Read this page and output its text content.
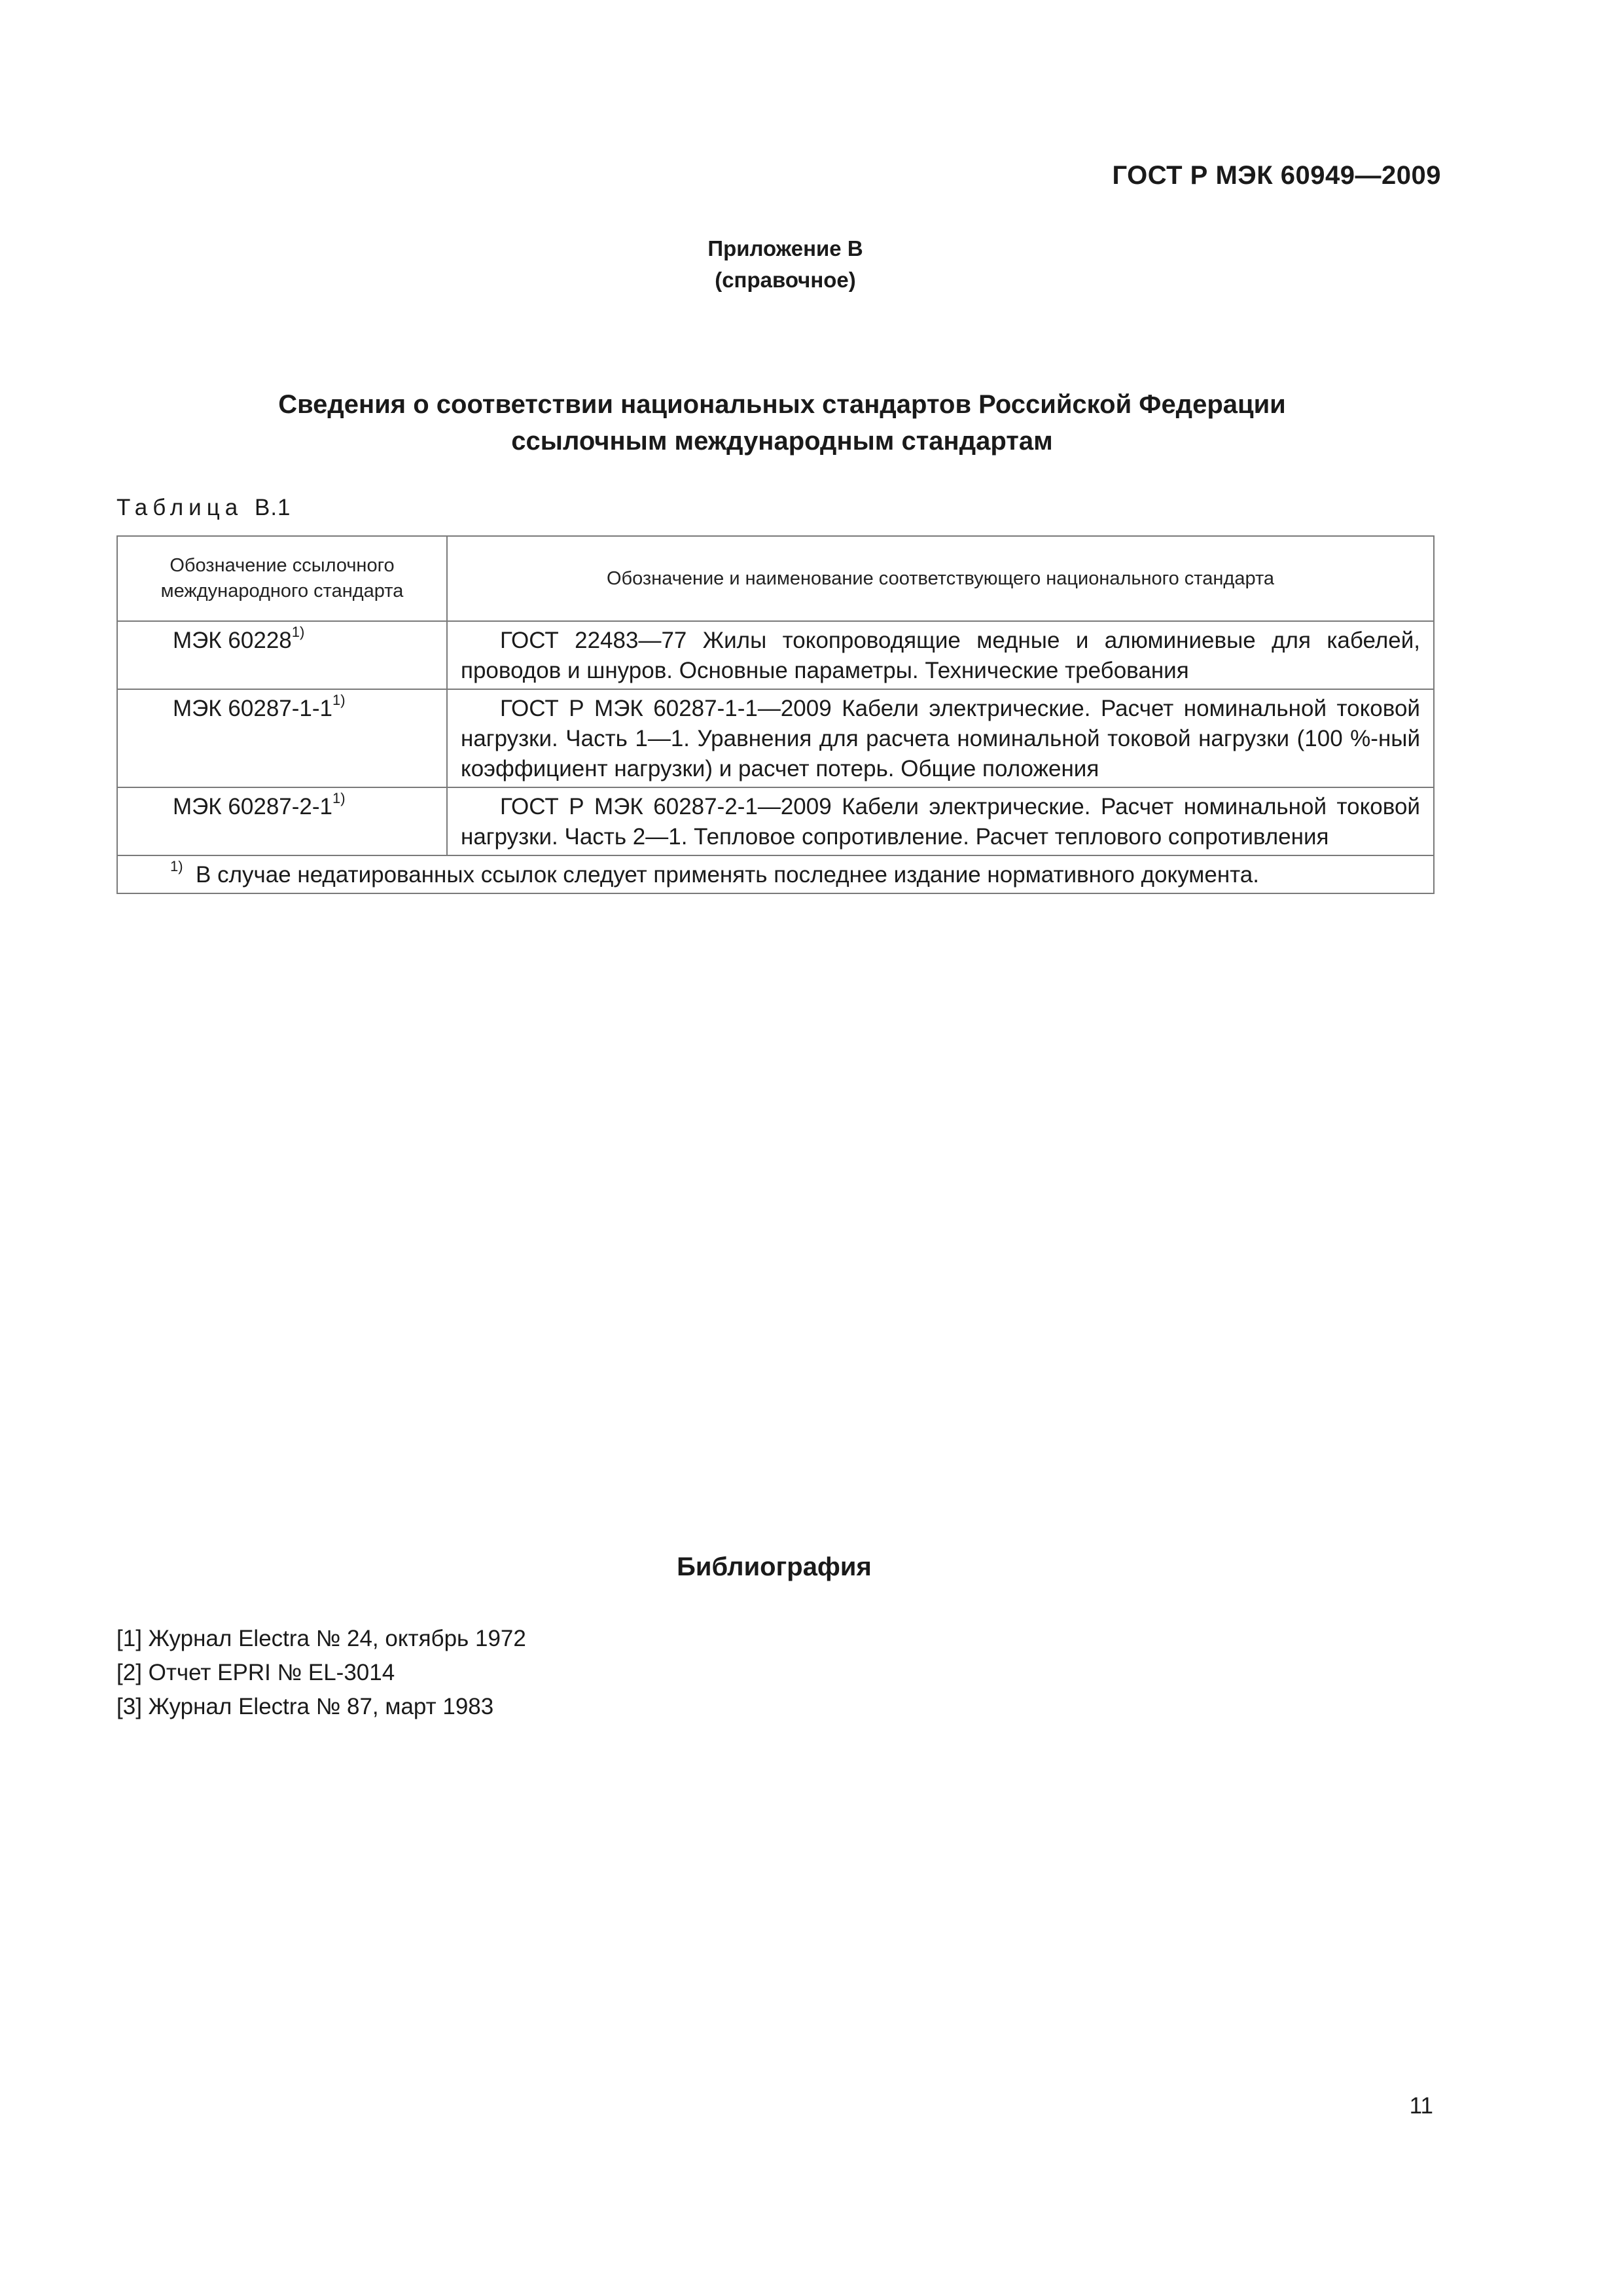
ГОСТ Р МЭК 60949—2009
Приложение В
(справочное)
Сведения о соответствии национальных стандартов Российской Федерации
ссылочным международным стандартам
Таблица В.1
Обозначение ссылочного международного стандарта	Обозначение и наименование соответствующего национального стандарта
МЭК 60228$^{1)}$	ГОСТ 22483—77 Жилы токопроводящие медные и алюминиевые для кабелей, проводов и шнуров. Основные параметры. Технические требования
МЭК 60287-1-1$^{1)}$	ГОСТ Р МЭК 60287-1-1—2009 Кабели электрические. Расчет номинальной токовой нагрузки. Часть 1—1. Уравнения для расчета номинальной токовой нагрузки (100 %-ный коэффициент нагрузки) и расчет потерь. Общие положения
МЭК 60287-2-1$^{1)}$	ГОСТ Р МЭК 60287-2-1—2009 Кабели электрические. Расчет номинальной токовой нагрузки. Часть 2—1. Тепловое сопротивление. Расчет теплового сопротивления
$^{1)}$ В случае недатированных ссылок следует применять последнее издание нормативного документа.	
Библиография
[1] Журнал Electra № 24, октябрь 1972
[2] Отчет EPRI № EL-3014
[3] Журнал Electra № 87, март 1983
11
